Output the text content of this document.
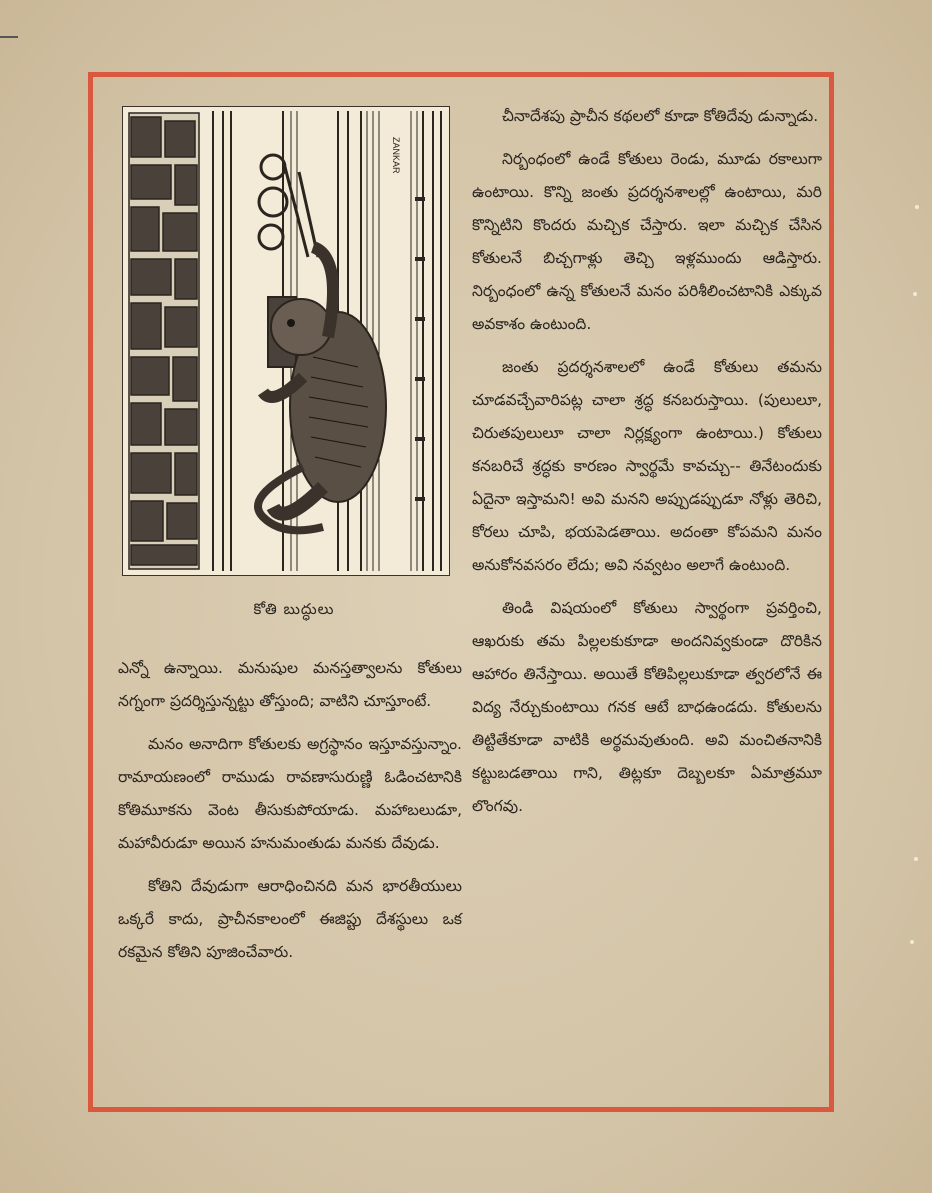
ZANKAR
కోతి బుద్ధులు

ఎన్నో ఉన్నాయి. మనుషుల మనస్తత్వాలను కోతులు నగ్నంగా ప్రదర్శిస్తున్నట్టు తోస్తుంది; వాటిని చూస్తూంటే.

మనం అనాదిగా కోతులకు అగ్రస్థానం ఇస్తూవస్తున్నాం. రామాయణంలో రాముడు రావణాసురుణ్ణి ఓడించటానికి కోతిమూకను వెంట తీసుకుపోయాడు. మహాబలుడూ, మహావీరుడూ అయిన హనుమంతుడు మనకు దేవుడు.

కోతిని దేవుడుగా ఆరాధించినది మన భారతీయులు ఒక్కరే కాదు, ప్రాచీనకాలంలో ఈజిప్టు దేశస్థులు ఒక రకమైన కోతిని పూజించేవారు.

చీనాదేశపు ప్రాచీన కథలలో కూడా కోతిదేవు డున్నాడు.

నిర్బంధంలో ఉండే కోతులు రెండు, మూడు రకాలుగా ఉంటాయి. కొన్ని జంతు ప్రదర్శనశాలల్లో ఉంటాయి, మరి కొన్నిటిని కొందరు మచ్చిక చేస్తారు. ఇలా మచ్చిక చేసిన కోతులనే బిచ్చగాళ్లు తెచ్చి ఇళ్లముందు ఆడిస్తారు. నిర్బంధంలో ఉన్న కోతులనే మనం పరిశీలించటానికి ఎక్కువ అవకాశం ఉంటుంది.

జంతు ప్రదర్శనశాలలో ఉండే కోతులు తమను చూడవచ్చేవారిపట్ల చాలా శ్రద్ధ కనబరుస్తాయి. (పులులూ, చిరుతపులులూ చాలా నిర్లక్ష్యంగా ఉంటాయి.) కోతులు కనబరిచే శ్రద్ధకు కారణం స్వార్థమే కావచ్చు-- తినేటందుకు ఏదైనా ఇస్తామని! అవి మనని అప్పుడప్పుడూ నోళ్లు తెరిచి, కోరలు చూపి, భయపెడతాయి. అదంతా కోపమని మనం అనుకోనవసరం లేదు; అవి నవ్వటం అలాగే ఉంటుంది.

తిండి విషయంలో కోతులు స్వార్థంగా ప్రవర్తించి, ఆఖరుకు తమ పిల్లలకుకూడా అందనివ్వకుండా దొరికిన ఆహారం తినేస్తాయి. అయితే కోతిపిల్లలుకూడా త్వరలోనే ఈ విద్య నేర్చుకుంటాయి గనక ఆటే బాధఉండదు. కోతులను తిట్టితేకూడా వాటికి అర్థమవుతుంది. అవి మంచితనానికి కట్టుబడతాయి గాని, తిట్లకూ దెబ్బలకూ ఏమాత్రమూ లొంగవు.
